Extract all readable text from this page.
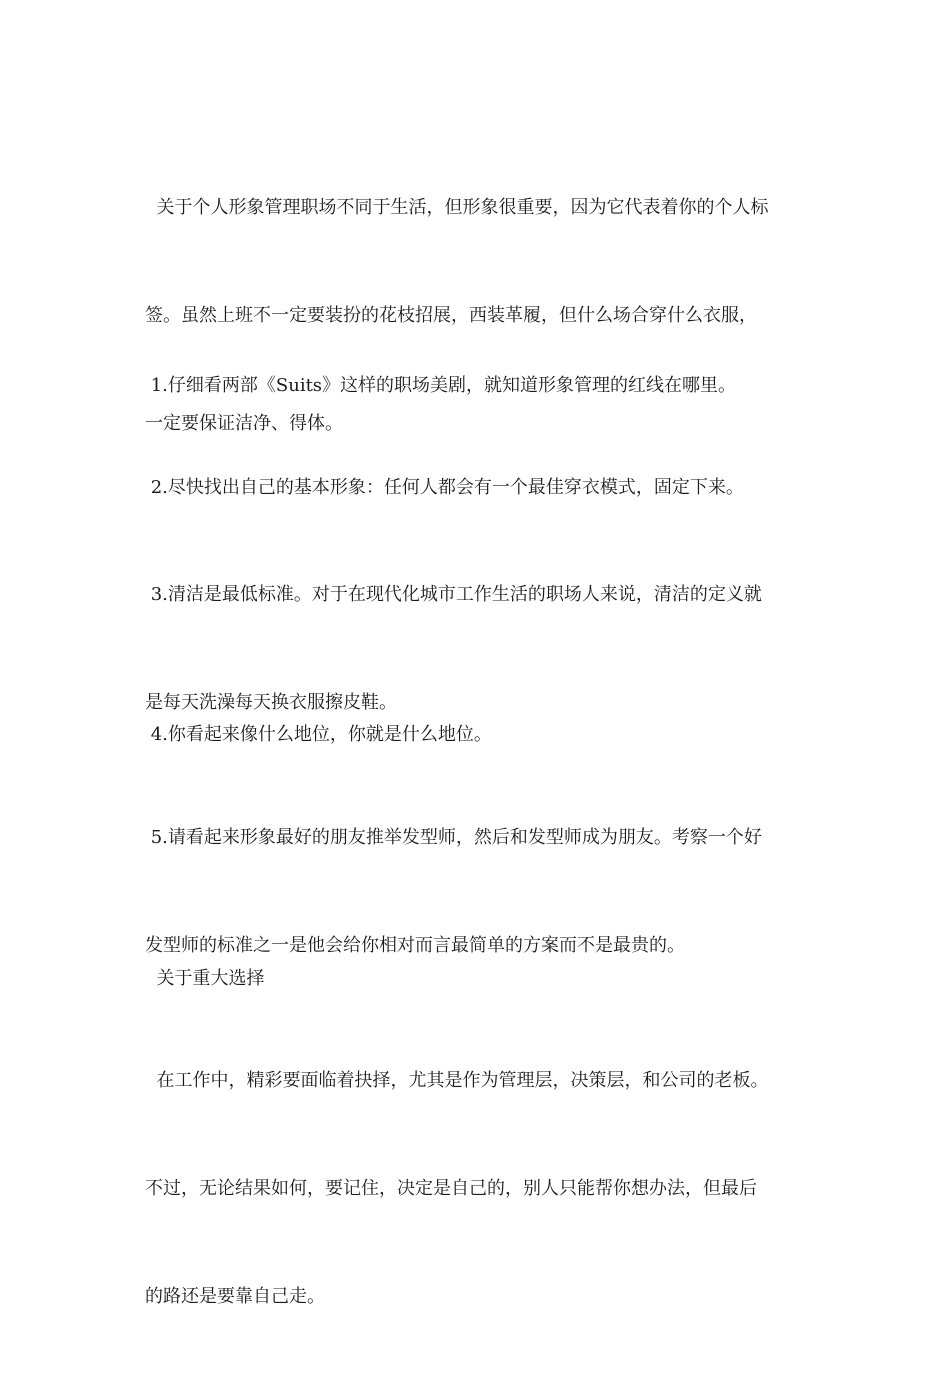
关于个人形象管理职场不同于生活，但形象很重要，因为它代表着你的个人标

签。虽然上班不一定要装扮的花枝招展，西装革履，但什么场合穿什么衣服，

一定要保证洁净、得体。

1.仔细看两部《Suits》这样的职场美剧，就知道形象管理的红线在哪里。

2.尽快找出自己的基本形象：任何人都会有一个最佳穿衣模式，固定下来。

3.清洁是最低标准。对于在现代化城市工作生活的职场人来说，清洁的定义就

是每天洗澡每天换衣服擦皮鞋。

4.你看起来像什么地位，你就是什么地位。

5.请看起来形象最好的朋友推举发型师，然后和发型师成为朋友。考察一个好

发型师的标准之一是他会给你相对而言最简单的方案而不是最贵的。

关于重大选择

在工作中，精彩要面临着抉择，尤其是作为管理层，决策层，和公司的老板。

不过，无论结果如何，要记住，决定是自己的，别人只能帮你想办法，但最后

的路还是要靠自己走。
